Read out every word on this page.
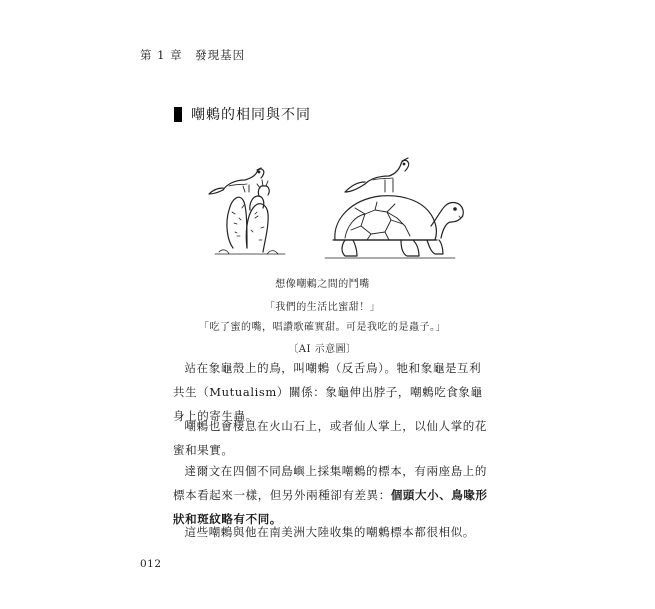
第 1 章　發現基因
嘲鶇的相同與不同
想像嘲鶇之間的鬥嘴
「我們的生活比蜜甜！」
「吃了蜜的嘴，唱讚歌確實甜。可是我吃的是蟲子。」
〔AI 示意圖〕

站在象龜殼上的鳥，叫嘲鶇（反舌鳥）。牠和象龜是互利共生（Mutualism）關係：象龜伸出脖子，嘲鶇吃食象龜身上的寄生蟲。

嘲鶇也會棲息在火山石上，或者仙人掌上，以仙人掌的花蜜和果實。

達爾文在四個不同島嶼上採集嘲鶇的標本，有兩座島上的標本看起來一樣，但另外兩種卻有差異：個頭大小、鳥喙形狀和斑紋略有不同。

這些嘲鶇與他在南美洲大陸收集的嘲鶇標本都很相似。

012
